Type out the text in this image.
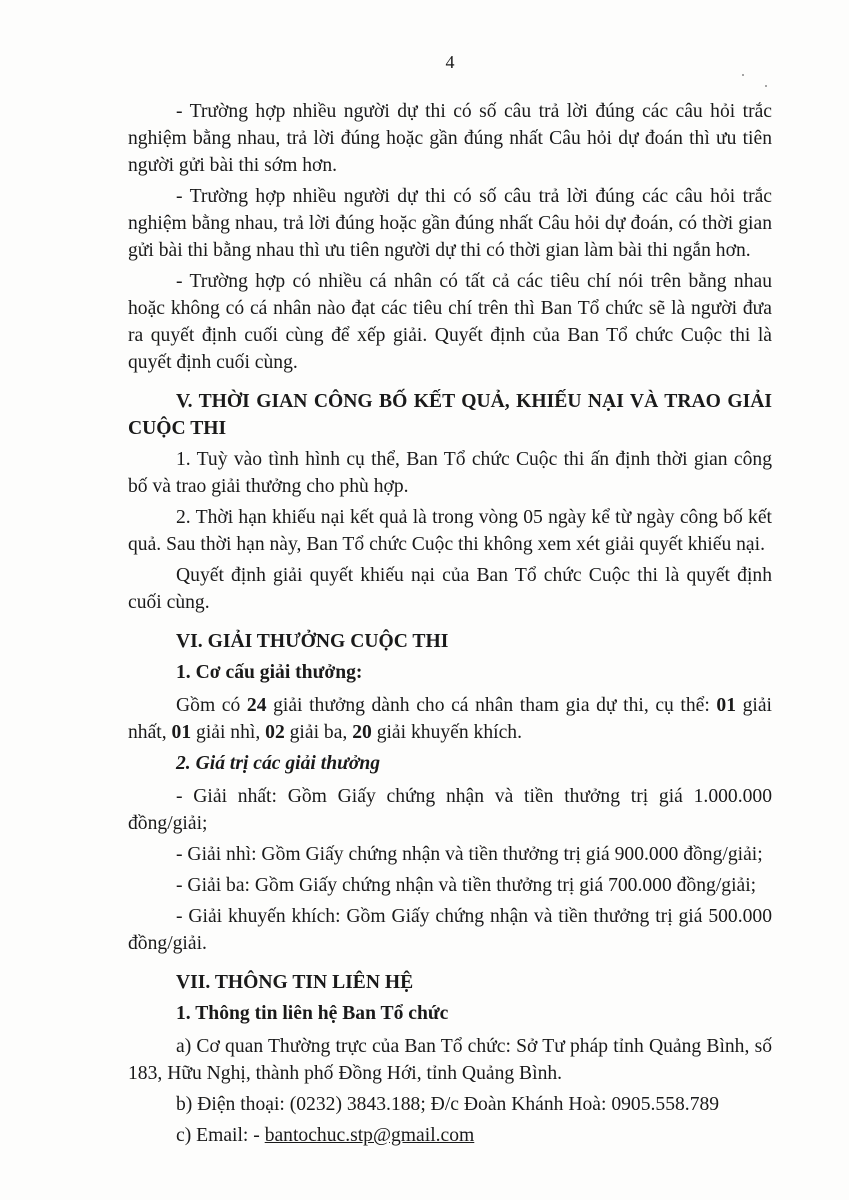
4

- Trường hợp nhiều người dự thi có số câu trả lời đúng các câu hỏi trắc nghiệm bằng nhau, trả lời đúng hoặc gần đúng nhất Câu hỏi dự đoán thì ưu tiên người gửi bài thi sớm hơn.

- Trường hợp nhiều người dự thi có số câu trả lời đúng các câu hỏi trắc nghiệm bằng nhau, trả lời đúng hoặc gần đúng nhất Câu hỏi dự đoán, có thời gian gửi bài thi bằng nhau thì ưu tiên người dự thi có thời gian làm bài thi ngắn hơn.

- Trường hợp có nhiều cá nhân có tất cả các tiêu chí nói trên bằng nhau hoặc không có cá nhân nào đạt các tiêu chí trên thì Ban Tổ chức sẽ là người đưa ra quyết định cuối cùng để xếp giải. Quyết định của Ban Tổ chức Cuộc thi là quyết định cuối cùng.

V. THỜI GIAN CÔNG BỐ KẾT QUẢ, KHIẾU NẠI VÀ TRAO GIẢI CUỘC THI

1. Tuỳ vào tình hình cụ thể, Ban Tổ chức Cuộc thi ấn định thời gian công bố và trao giải thưởng cho phù hợp.

2. Thời hạn khiếu nại kết quả là trong vòng 05 ngày kể từ ngày công bố kết quả. Sau thời hạn này, Ban Tổ chức Cuộc thi không xem xét giải quyết khiếu nại.

Quyết định giải quyết khiếu nại của Ban Tổ chức Cuộc thi là quyết định cuối cùng.

VI. GIẢI THƯỞNG CUỘC THI
1. Cơ cấu giải thưởng:

Gồm có 24 giải thưởng dành cho cá nhân tham gia dự thi, cụ thể: 01 giải nhất, 01 giải nhì, 02 giải ba, 20 giải khuyến khích.

2. Giá trị các giải thưởng

- Giải nhất: Gồm Giấy chứng nhận và tiền thưởng trị giá 1.000.000 đồng/giải;

- Giải nhì: Gồm Giấy chứng nhận và tiền thưởng trị giá 900.000 đồng/giải;

- Giải ba: Gồm Giấy chứng nhận và tiền thưởng trị giá 700.000 đồng/giải;

- Giải khuyến khích: Gồm Giấy chứng nhận và tiền thưởng trị giá 500.000 đồng/giải.

VII. THÔNG TIN LIÊN HỆ
1. Thông tin liên hệ Ban Tổ chức

a) Cơ quan Thường trực của Ban Tổ chức: Sở Tư pháp tỉnh Quảng Bình, số 183, Hữu Nghị, thành phố Đồng Hới, tỉnh Quảng Bình.

b) Điện thoại: (0232) 3843.188; Đ/c Đoàn Khánh Hoà: 0905.558.789

c) Email: - bantochuc.stp@gmail.com
